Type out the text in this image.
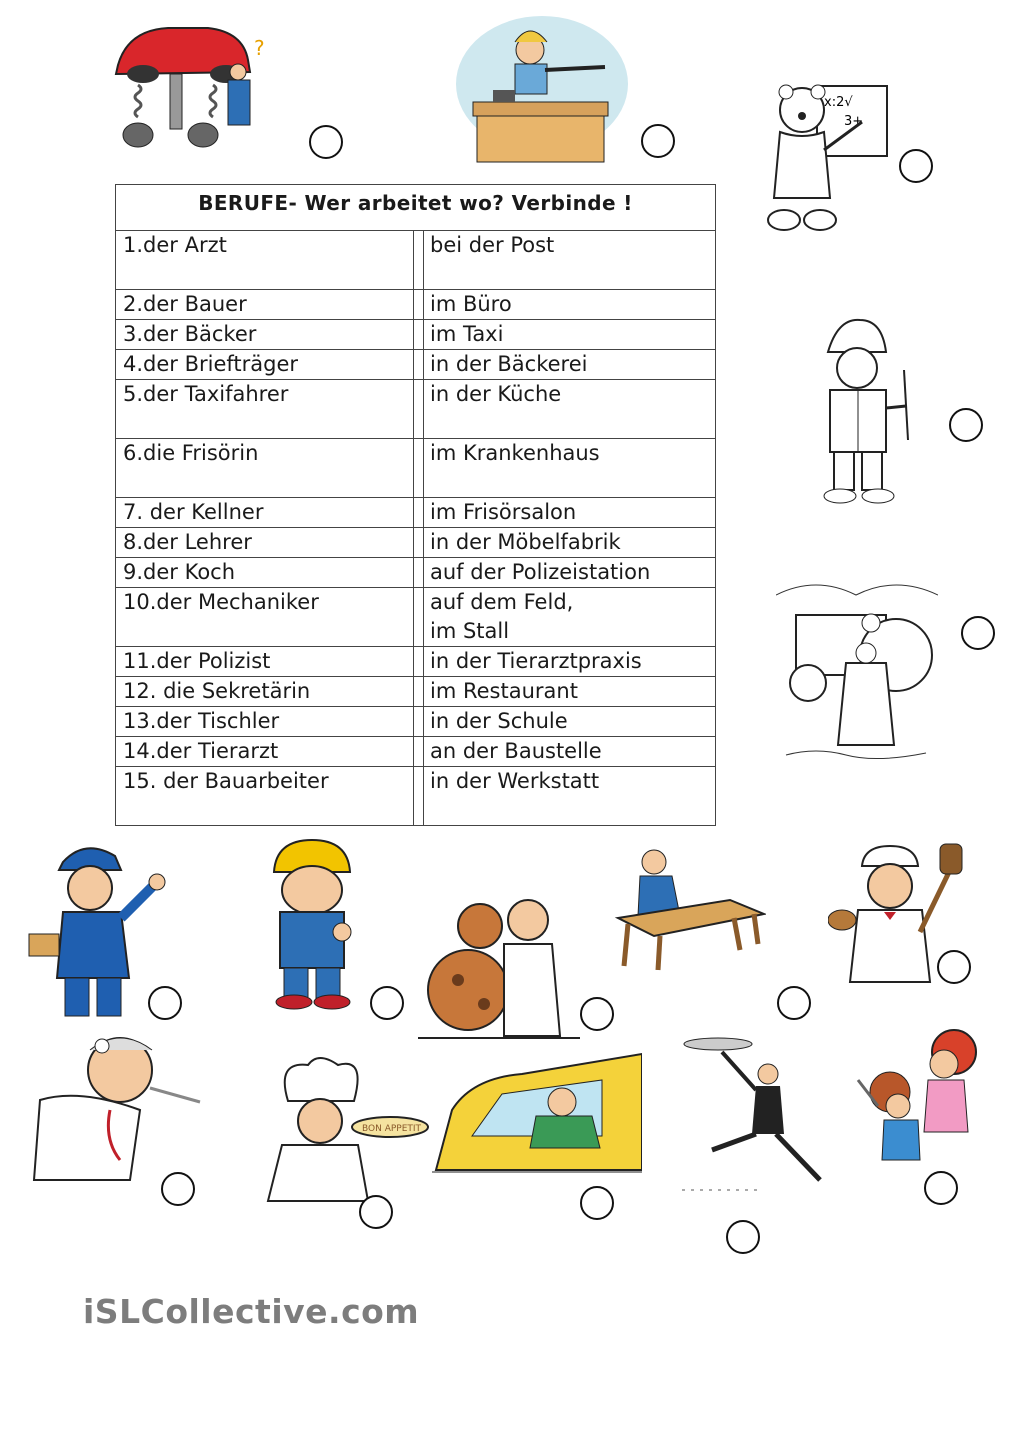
?
x:2√
3+
BERUFE- Wer arbeitet wo? Verbinde !
1.der Arzt	bei der Post
2.der Bauer	im Büro
3.der Bäcker	im Taxi
4.der Briefträger	in der Bäckerei
5.der Taxifahrer	in der Küche
6.die Frisörin	im Krankenhaus
7. der Kellner	im Frisörsalon
8.der Lehrer	in der Möbelfabrik
9.der Koch	auf der Polizeistation
10.der Mechaniker	auf dem Feld,
im Stall
11.der Polizist	in der Tierarztpraxis
12. die Sekretärin	im Restaurant
13.der Tischler	in der Schule
14.der Tierarzt	an der Baustelle
15. der Bauarbeiter	in der Werkstatt
BON APPETIT
iSLCollective.com
